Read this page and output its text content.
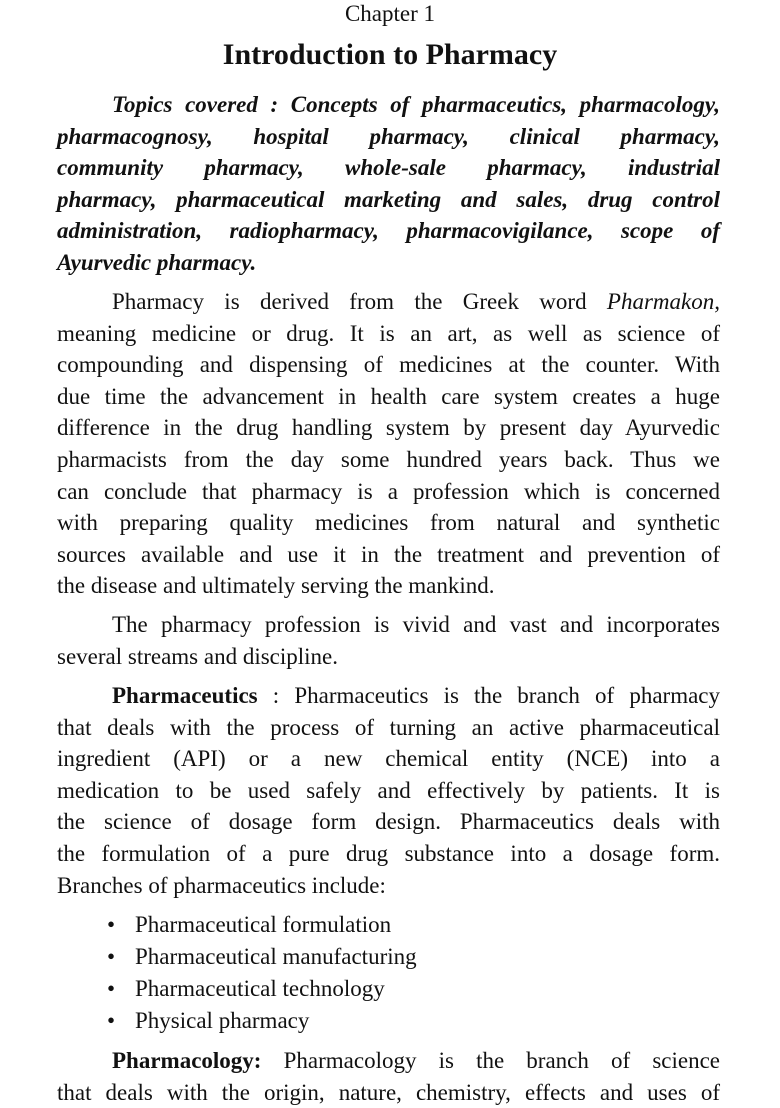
Chapter 1
Introduction to Pharmacy
Topics covered : Concepts of pharmaceutics, pharmacology,
pharmacognosy, hospital pharmacy, clinical pharmacy,
community pharmacy, whole-sale pharmacy, industrial
pharmacy, pharmaceutical marketing and sales, drug control
administration, radiopharmacy, pharmacovigilance, scope of
Ayurvedic pharmacy.
Pharmacy is derived from the Greek word Pharmakon,
meaning medicine or drug. It is an art, as well as science of
compounding and dispensing of medicines at the counter. With
due time the advancement in health care system creates a huge
difference in the drug handling system by present day Ayurvedic
pharmacists from the day some hundred years back. Thus we
can conclude that pharmacy is a profession which is concerned
with preparing quality medicines from natural and synthetic
sources available and use it in the treatment and prevention of
the disease and ultimately serving the mankind.
The pharmacy profession is vivid and vast and incorporates
several streams and discipline.
Pharmaceutics : Pharmaceutics is the branch of pharmacy
that deals with the process of turning an active pharmaceutical
ingredient (API) or a new chemical entity (NCE) into a
medication to be used safely and effectively by patients. It is
the science of dosage form design. Pharmaceutics deals with
the formulation of a pure drug substance into a dosage form.
Branches of pharmaceutics include:
• Pharmaceutical formulation
• Pharmaceutical manufacturing
• Pharmaceutical technology
• Physical pharmacy
Pharmacology: Pharmacology is the branch of science
that deals with the origin, nature, chemistry, effects and uses of
